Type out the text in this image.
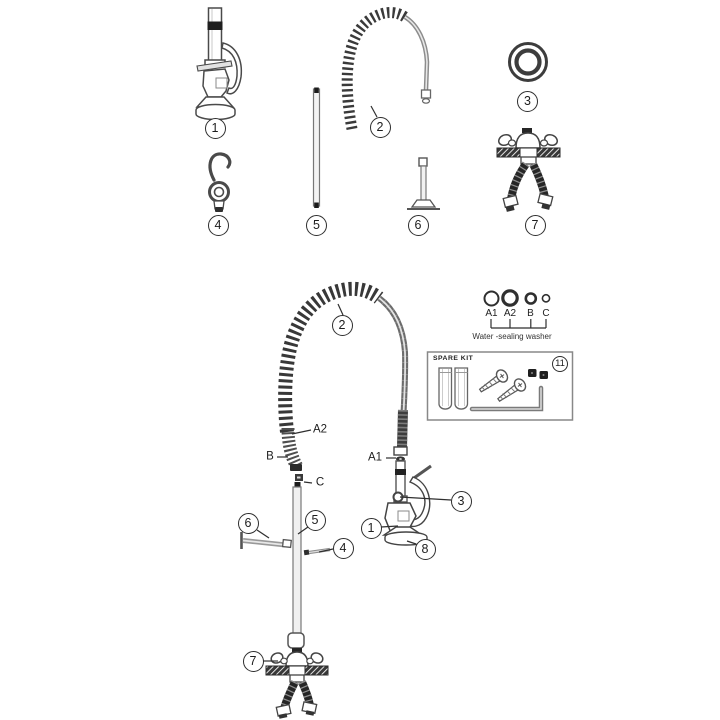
1	2
3
4	5	6	7
2
5
6
4
1
3
8
7
A2
B
C
A1
A1 A2 B C
Water -sealing washer
SPARE KIT	11
